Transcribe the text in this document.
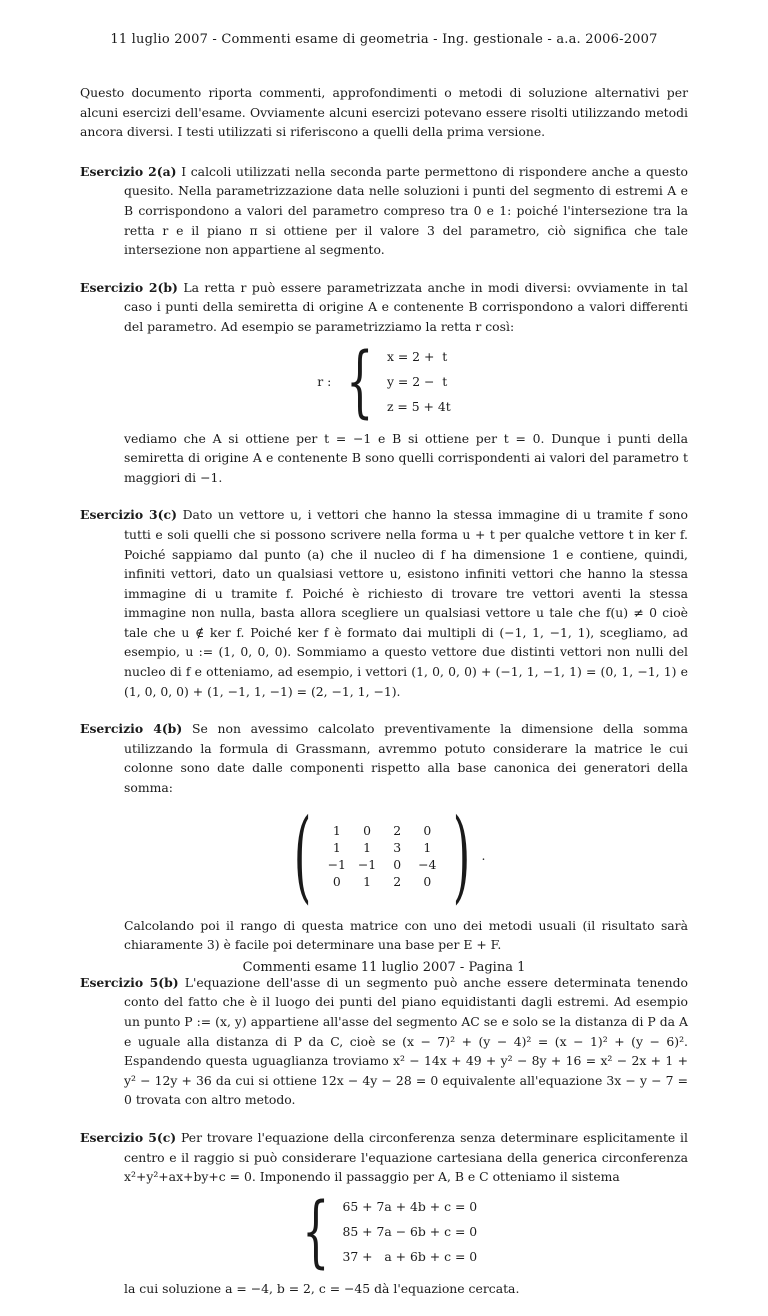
11 luglio 2007 - Commenti esame di geometria - Ing. gestionale - a.a. 2006-2007

Questo documento riporta commenti, approfondimenti o metodi di soluzione alternativi per alcuni esercizi dell'esame. Ovviamente alcuni esercizi potevano essere risolti utilizzando metodi ancora diversi. I testi utilizzati si riferiscono a quelli della prima versione.

Esercizio 2(a) I calcoli utilizzati nella seconda parte permettono di rispondere anche a questo quesito. Nella parametrizzazione data nelle soluzioni i punti del segmento di estremi A e B corrispondono a valori del parametro compreso tra 0 e 1: poiché l'intersezione tra la retta r e il piano π si ottiene per il valore 3 del parametro, ciò significa che tale intersezione non appartiene al segmento.

Esercizio 2(b) La retta r può essere parametrizzata anche in modi diversi: ovviamente in tal caso i punti della semiretta di origine A e contenente B corrispondono a valori differenti del parametro. Ad esempio se parametrizziamo la retta r così:

r : { x = 2 +  t
y = 2 −  t
z = 5 + 4t

vediamo che A si ottiene per t = −1 e B si ottiene per t = 0. Dunque i punti della semiretta di origine A e contenente B sono quelli corrispondenti ai valori del parametro t maggiori di −1.

Esercizio 3(c) Dato un vettore u, i vettori che hanno la stessa immagine di u tramite f sono tutti e soli quelli che si possono scrivere nella forma u + t per qualche vettore t in ker f. Poiché sappiamo dal punto (a) che il nucleo di f ha dimensione 1 e contiene, quindi, infiniti vettori, dato un qualsiasi vettore u, esistono infiniti vettori che hanno la stessa immagine di u tramite f. Poiché è richiesto di trovare tre vettori aventi la stessa immagine non nulla, basta allora scegliere un qualsiasi vettore u tale che f(u) ≠ 0 cioè tale che u ∉ ker f. Poiché ker f è formato dai multipli di (−1, 1, −1, 1), scegliamo, ad esempio, u := (1, 0, 0, 0). Sommiamo a questo vettore due distinti vettori non nulli del nucleo di f e otteniamo, ad esempio, i vettori (1, 0, 0, 0) + (−1, 1, −1, 1) = (0, 1, −1, 1) e (1, 0, 0, 0) + (1, −1, 1, −1) = (2, −1, 1, −1).

Esercizio 4(b) Se non avessimo calcolato preventivamente la dimensione della somma utilizzando la formula di Grassmann, avremmo potuto considerare la matrice le cui colonne sono date dalle componenti rispetto alla base canonica dei generatori della somma:

( 1	0	2	0
1	1	3	1
−1	−1	0	−4
0	1	2	0 ) .

Calcolando poi il rango di questa matrice con uno dei metodi usuali (il risultato sarà chiaramente 3) è facile poi determinare una base per E + F.

Esercizio 5(b) L'equazione dell'asse di un segmento può anche essere determinata tenendo conto del fatto che è il luogo dei punti del piano equidistanti dagli estremi. Ad esempio un punto P := (x, y) appartiene all'asse del segmento AC se e solo se la distanza di P da A e uguale alla distanza di P da C, cioè se (x − 7)² + (y − 4)² = (x − 1)² + (y − 6)². Espandendo questa uguaglianza troviamo x² − 14x + 49 + y² − 8y + 16 = x² − 2x + 1 + y² − 12y + 36 da cui si ottiene 12x − 4y − 28 = 0 equivalente all'equazione 3x − y − 7 = 0 trovata con altro metodo.

Esercizio 5(c) Per trovare l'equazione della circonferenza senza determinare esplicitamente il centro e il raggio si può considerare l'equazione cartesiana della generica circonferenza x²+y²+ax+by+c = 0. Imponendo il passaggio per A, B e C otteniamo il sistema

{ 65 + 7a + 4b + c = 0
85 + 7a − 6b + c = 0
37 +   a + 6b + c = 0

la cui soluzione a = −4, b = 2, c = −45 dà l'equazione cercata.

Commenti esame 11 luglio 2007 - Pagina 1
